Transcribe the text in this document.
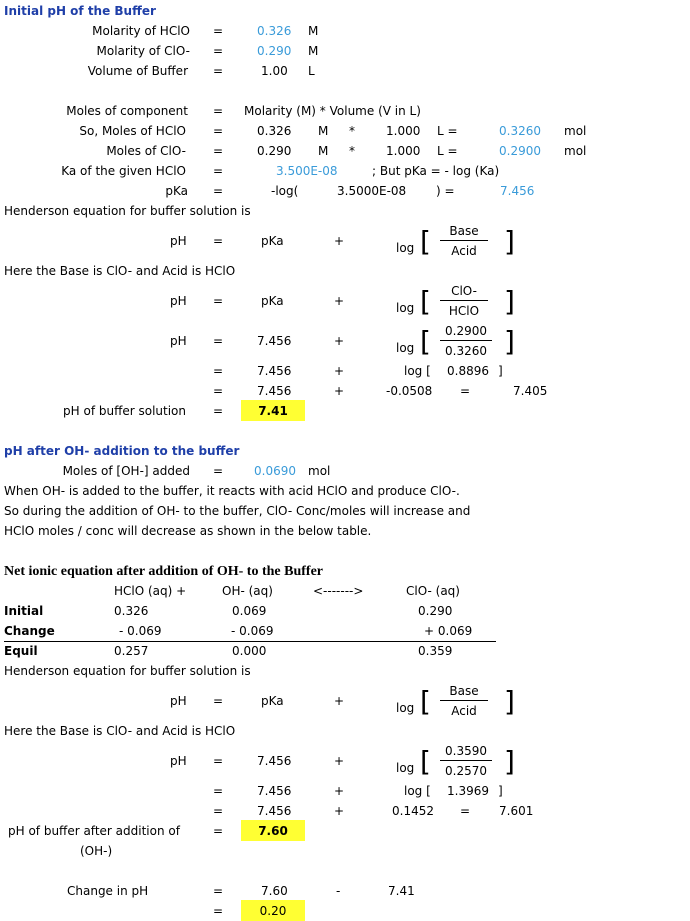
Initial pH of the Buffer
Molarity of HClO =	0.326 M
Molarity of ClO- =	0.290 M
Volume of Buffer =	1.00 L
Moles of component = Molarity (M) * Volume (V in L)
So, Moles of HClO =	0.326 M *	1.000 L =	0.3260 mol
Moles of ClO- =	0.290 M *	1.000 L =	0.2900 mol
Ka of the given HClO =	3.500E-08	; But pKa = - log (Ka)
pKa =	-log(	3.5000E-08 ) =	7.456
Henderson equation for buffer solution is
pH =	pKa	+	log [	Base
Acid ]
Here the Base is ClO- and Acid is HClO
pH =	pKa	+	log [	ClO-
HClO ]
pH =	7.456	+	log [	0.2900
0.3260 ]
=	7.456	+	log [ 0.8896 ]
=	7.456	+	-0.0508 =	7.405
pH of buffer solution =	7.41
pH after OH- addition to the buffer
Moles of [OH-] added =	0.0690 mol
When OH- is added to the buffer, it reacts with acid HClO and produce ClO-.
So during the addition of OH- to the buffer, ClO- Conc/moles will increase and
HClO moles / conc will decrease as shown in the below table.
Net ionic equation after addition of OH- to the Buffer
HClO (aq) +	OH- (aq)	<------->	ClO- (aq)
Initial	0.326	0.069	0.290
Change	- 0.069	- 0.069	+ 0.069
Equil	0.257	0.000	0.359
Henderson equation for buffer solution is
pH =	pKa	+	log [	Base
Acid ]
Here the Base is ClO- and Acid is HClO
pH =	7.456	+	log [	0.3590
0.2570 ]
=	7.456	+	log [ 1.3969 ]
=	7.456	+	0.1452 = 7.601
pH of buffer after addition of
(OH-)
=	7.60
Change in pH	=	7.60	-	7.41
=	0.20
